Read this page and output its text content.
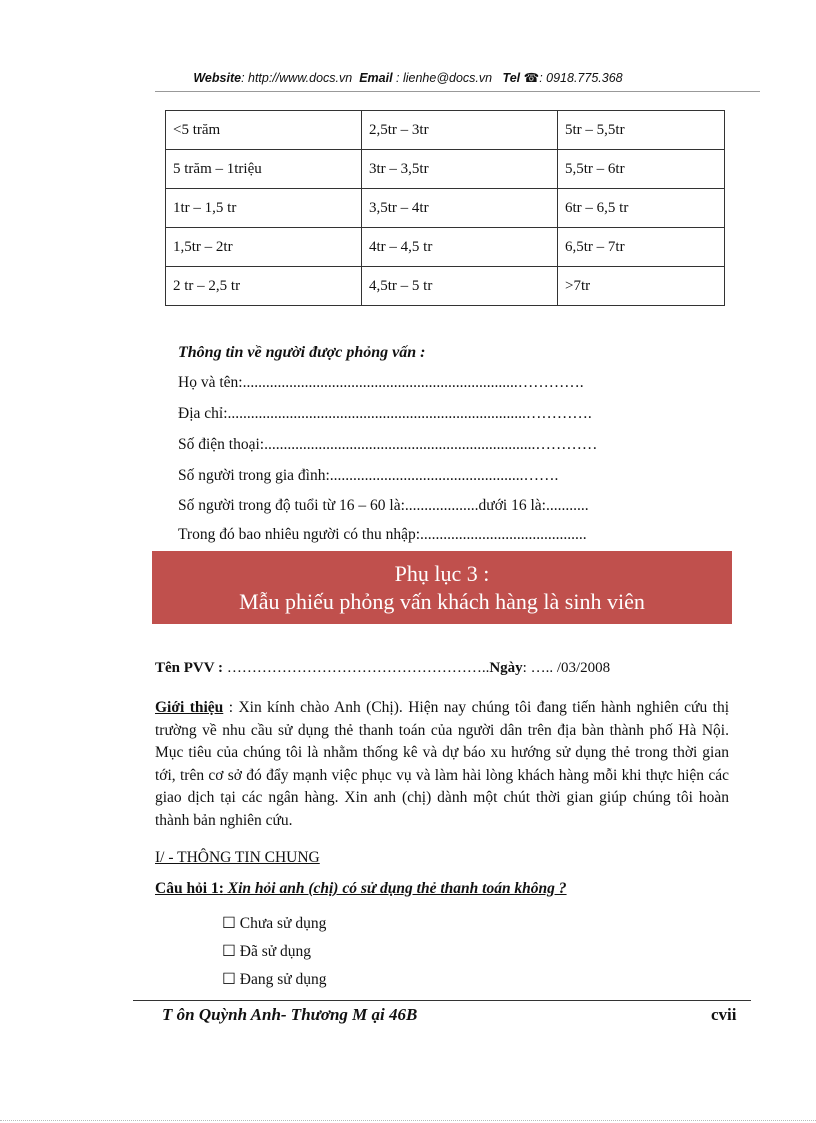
Website: http://www.docs.vn Email : lienhe@docs.vn Tel ☎: 0918.775.368
<5 trăm	2,5tr – 3tr	5tr – 5,5tr
5 trăm – 1triệu	3tr – 3,5tr	5,5tr – 6tr
1tr – 1,5 tr	3,5tr – 4tr	6tr – 6,5 tr
1,5tr – 2tr	4tr – 4,5 tr	6,5tr – 7tr
2 tr – 2,5 tr	4,5tr – 5 tr	>7tr
Thông tin về người được phỏng vấn :
Họ và tên:.......................................................................………….
Địa chỉ:.............................................................................………….
Số điện thoại:......................................................................…………
Số người trong gia đình:..................................................…….
Số người trong độ tuổi từ 16 – 60 là:...................dưới 16 là:...........
Trong đó bao nhiêu người có thu nhập:...........................................
Phụ lục 3 :
Mẫu phiếu phỏng vấn khách hàng là sinh viên
Tên PVV : ……………………………………………..Ngày: ….. /03/2008
Giới thiệu : Xin kính chào Anh (Chị). Hiện nay chúng tôi đang tiến hành nghiên cứu thị trường về nhu cầu sử dụng thẻ thanh toán của người dân trên địa bàn thành phố Hà Nội. Mục tiêu của chúng tôi là nhằm thống kê và dự báo xu hướng sử dụng thẻ trong thời gian tới, trên cơ sở đó đẩy mạnh việc phục vụ và làm hài lòng khách hàng mỗi khi thực hiện các giao dịch tại các ngân hàng. Xin anh (chị) dành một chút thời gian giúp chúng tôi hoàn thành bản nghiên cứu.
I/ - THÔNG TIN CHUNG
Câu hỏi 1: Xin hỏi anh (chị) có sử dụng thẻ thanh toán không ?
☐ Chưa sử dụng
☐ Đã sử dụng
☐ Đang sử dụng
T ôn Quỳnh Anh- Thương M ại 46B	cvii
